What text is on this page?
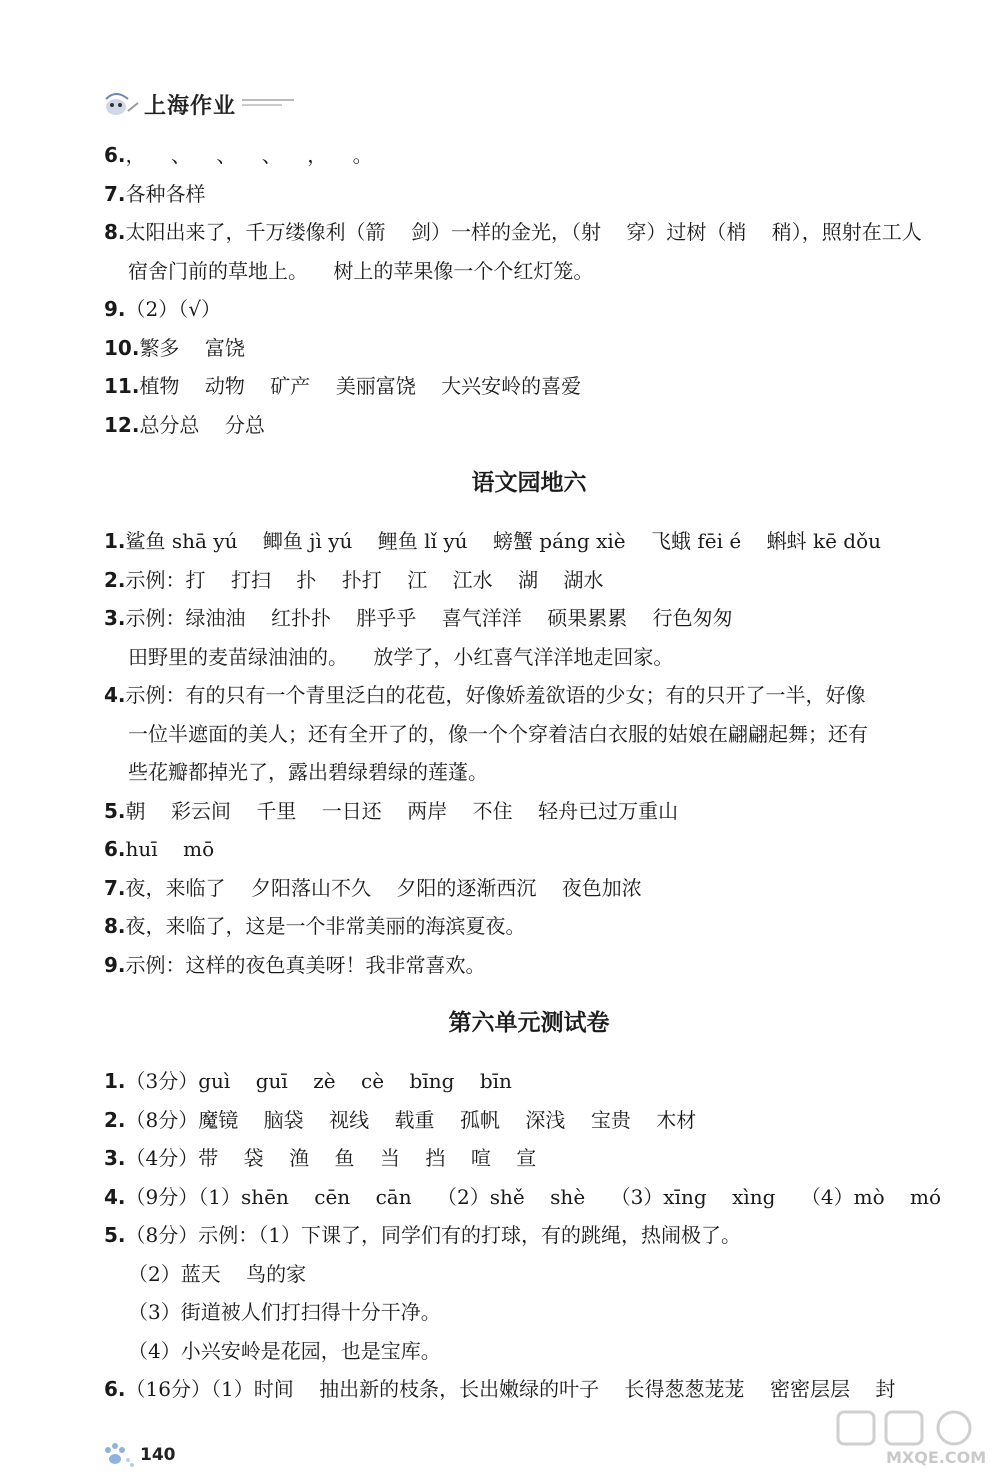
上海作业
6.，    、    、    、    ，    。
7.各种各样
8.太阳出来了，千万缕像利（箭    剑）一样的金光，（射    穿）过树（梢    稍），照射在工人
宿舍门前的草地上。    树上的苹果像一个个红灯笼。
9.（2）（√）
10.繁多    富饶
11.植物    动物    矿产    美丽富饶    大兴安岭的喜爱
12.总分总    分总
语文园地六
1.鲨鱼 shā yú    鲫鱼 jì yú    鲤鱼 lǐ yú    螃蟹 páng xiè    飞蛾 fēi é    蝌蚪 kē dǒu
2.示例：打    打扫    扑    扑打    江    江水    湖    湖水
3.示例：绿油油    红扑扑    胖乎乎    喜气洋洋    硕果累累    行色匆匆
田野里的麦苗绿油油的。    放学了，小红喜气洋洋地走回家。
4.示例：有的只有一个青里泛白的花苞，好像娇羞欲语的少女；有的只开了一半，好像
一位半遮面的美人；还有全开了的，像一个个穿着洁白衣服的姑娘在翩翩起舞；还有
些花瓣都掉光了，露出碧绿碧绿的莲蓬。
5.朝    彩云间    千里    一日还    两岸    不住    轻舟已过万重山
6.huī    mō
7.夜，来临了    夕阳落山不久    夕阳的逐渐西沉    夜色加浓
8.夜，来临了，这是一个非常美丽的海滨夏夜。
9.示例：这样的夜色真美呀！我非常喜欢。
第六单元测试卷
1.（3分）guì    guī    zè    cè    bīng    bīn
2.（8分）魔镜    脑袋    视线    载重    孤帆    深浅    宝贵    木材
3.（4分）带    袋    渔    鱼    当    挡    喧    宣
4.（9分）（1）shēn    cēn    cān    （2）shě    shè    （3）xīng    xìng    （4）mò    mó
5.（8分）示例：（1）下课了，同学们有的打球，有的跳绳，热闹极了。
（2）蓝天    鸟的家
（3）街道被人们打扫得十分干净。
（4）小兴安岭是花园，也是宝库。
6.（16分）（1）时间    抽出新的枝条，长出嫩绿的叶子    长得葱葱茏茏    密密层层    封
140	MXQE.COM
